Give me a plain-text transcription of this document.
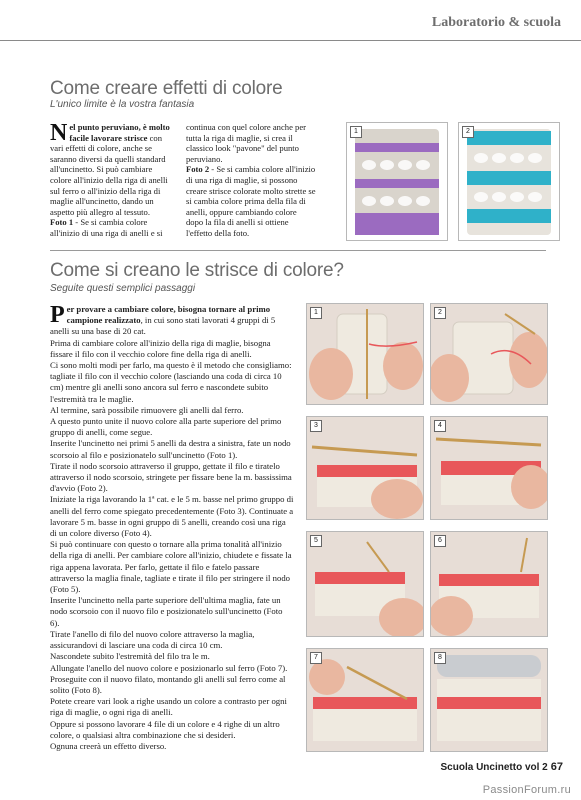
Laboratorio & scuola
Come creare effetti di colore
L'unico limite è la vostra fantasia
Nel punto peruviano, è molto facile lavorare strisce con vari effetti di colore, anche se saranno diversi da quelli standard all'uncinetto. Si può cambiare colore all'inizio della riga di anelli sul ferro o all'inizio della riga di maglie all'uncinetto, dando un aspetto più allegro al tessuto.
Foto 1 - Se si cambia colore all'inizio di una riga di anelli e si
continua con quel colore anche per tutta la riga di maglie, si crea il classico look "pavone" del punto peruviano.
Foto 2 - Se si cambia colore all'inizio di una riga di maglie, si possono creare strisce colorate molto strette se si cambia colore prima della fila di anelli, oppure cambiando colore dopo la fila di anelli si ottiene l'effetto della foto.
1	2
Come si creano le strisce di colore?
Seguite questi semplici passaggi

Per provare a cambiare colore, bisogna tornare al primo campione realizzato, in cui sono stati lavorati 4 gruppi di 5 anelli su una base di 20 cat.

Prima di cambiare colore all'inizio della riga di maglie, bisogna fissare il filo con il vecchio colore fine della riga di anelli.

Ci sono molti modi per farlo, ma questo è il metodo che consigliamo: tagliate il filo con il vecchio colore (lasciando una coda di circa 10 cm) mentre gli anelli sono ancora sul ferro e nascondete subito l'estremità tra le maglie.

Al termine, sarà possibile rimuovere gli anelli dal ferro.

A questo punto unite il nuovo colore alla parte superiore del primo gruppo di anelli, come segue.

Inserite l'uncinetto nei primi 5 anelli da destra a sinistra, fate un nodo scorsoio al filo e posizionatelo sull'uncinetto (Foto 1).

Tirate il nodo scorsoio attraverso il gruppo, gettate il filo e tiratelo attraverso il nodo scorsoio, stringete per fissare bene la m. bassissima d'avvio (Foto 2).

Iniziate la riga lavorando la 1ª cat. e le 5 m. basse nel primo gruppo di anelli del ferro come spiegato precedentemente (Foto 3). Continuate a lavorare 5 m. basse in ogni gruppo di 5 anelli, creando così una riga di un colore diverso (Foto 4).

Si può continuare con questo o tornare alla prima tonalità all'inizio della riga di anelli. Per cambiare colore all'inizio, chiudete e fissate la riga appena lavorata. Per farlo, gettate il filo e fatelo passare attraverso la maglia finale, tagliate e tirate il filo per stringere il nodo (Foto 5).

Inserite l'uncinetto nella parte superiore dell'ultima maglia, fate un nodo scorsoio con il nuovo filo e posizionatelo sull'uncinetto (Foto 6).

Tirate l'anello di filo del nuovo colore attraverso la maglia, assicurandovi di lasciare una coda di circa 10 cm.

Nascondete subito l'estremità del filo tra le m.

Allungate l'anello del nuovo colore e posizionarlo sul ferro (Foto 7).

Proseguite con il nuovo filato, montando gli anelli sul ferro come al solito (Foto 8).

Potete creare vari look a righe usando un colore a contrasto per ogni riga di maglie, o ogni riga di anelli.

Oppure si possono lavorare 4 file di un colore e 4 righe di un altro colore, o qualsiasi altra combinazione che si desideri.

Ognuna creerà un effetto diverso.

1	2
3	4
5	6
7	8
Scuola Uncinetto vol 2 67
PassionForum.ru
